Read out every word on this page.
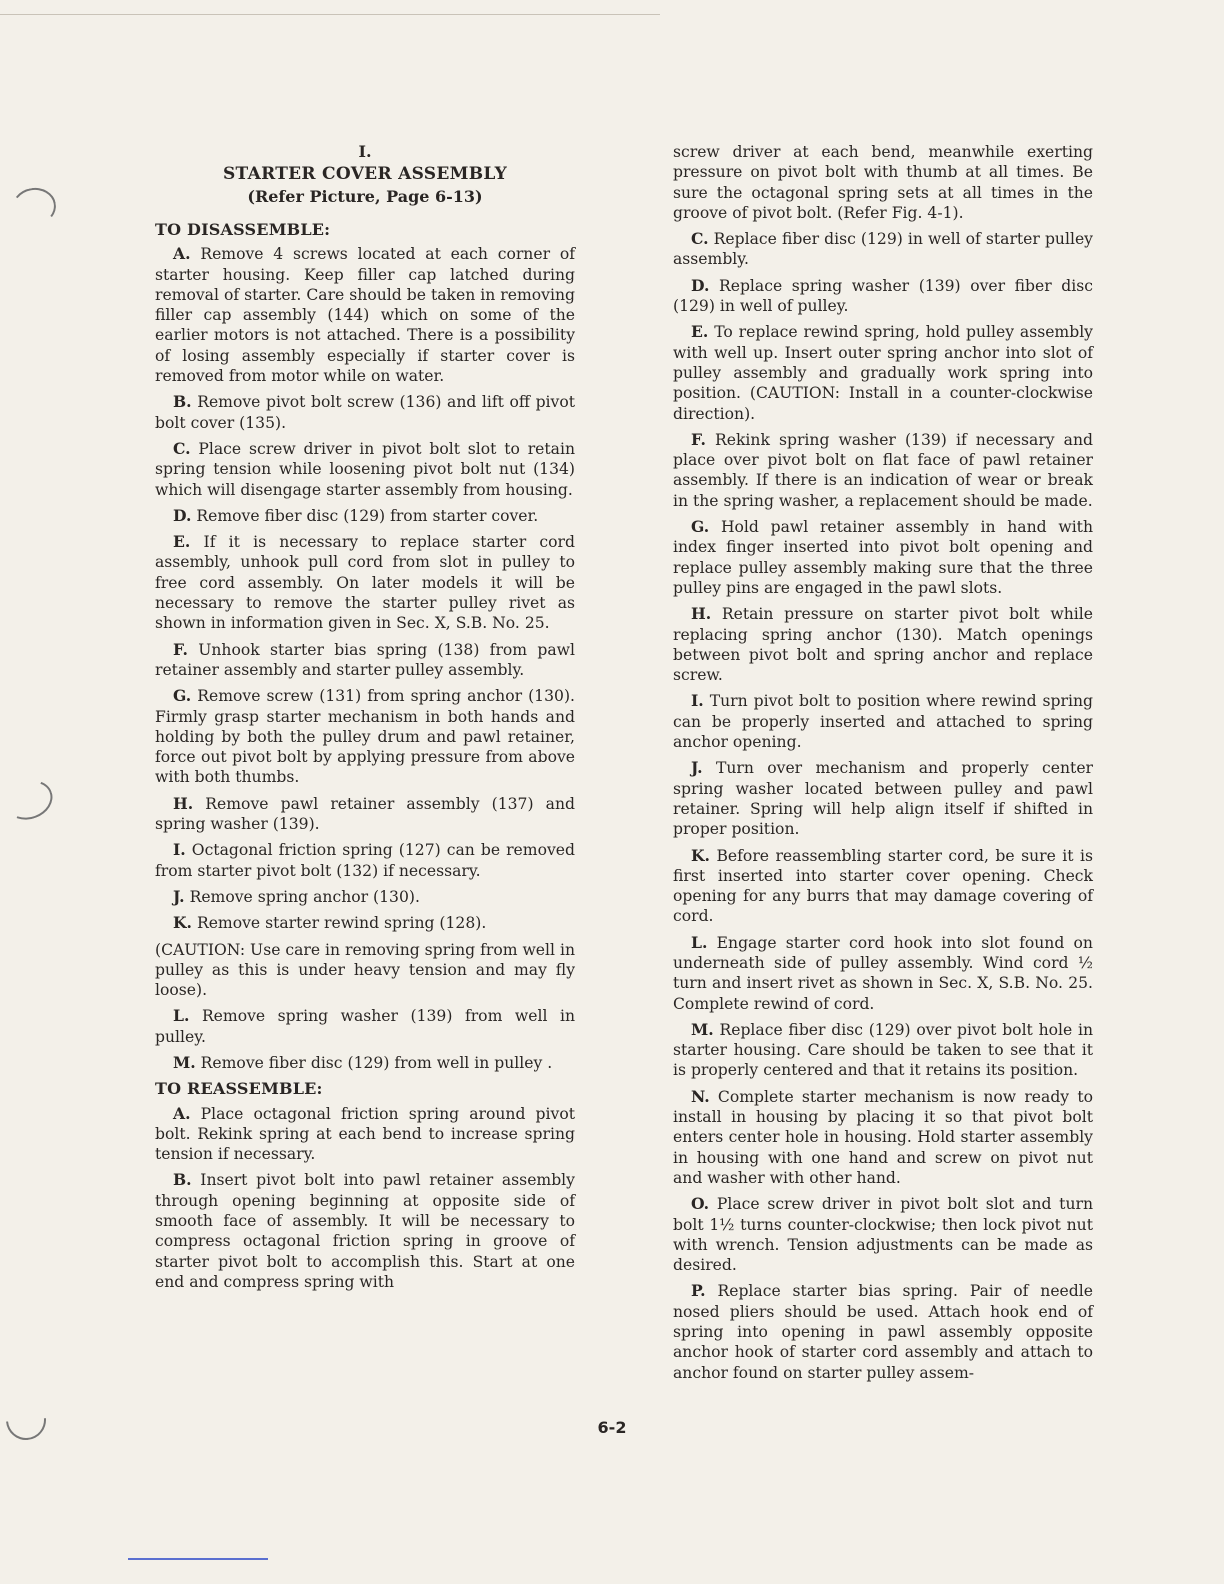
I.
STARTER COVER ASSEMBLY
(Refer Picture, Page 6-13)
TO DISASSEMBLE:

A. Remove 4 screws located at each corner of starter housing. Keep filler cap latched during removal of starter. Care should be taken in removing filler cap assembly (144) which on some of the earlier motors is not attached. There is a possibility of losing assembly especially if starter cover is removed from motor while on water.

B. Remove pivot bolt screw (136) and lift off pivot bolt cover (135).

C. Place screw driver in pivot bolt slot to retain spring tension while loosening pivot bolt nut (134) which will disengage starter assembly from housing.

D. Remove fiber disc (129) from starter cover.

E. If it is necessary to replace starter cord assembly, unhook pull cord from slot in pulley to free cord assembly. On later models it will be necessary to remove the starter pulley rivet as shown in information given in Sec. X, S.B. No. 25.

F. Unhook starter bias spring (138) from pawl retainer assembly and starter pulley assembly.

G. Remove screw (131) from spring anchor (130). Firmly grasp starter mechanism in both hands and holding by both the pulley drum and pawl retainer, force out pivot bolt by applying pressure from above with both thumbs.

H. Remove pawl retainer assembly (137) and spring washer (139).

I. Octagonal friction spring (127) can be removed from starter pivot bolt (132) if necessary.

J. Remove spring anchor (130).

K. Remove starter rewind spring (128).

(CAUTION: Use care in removing spring from well in pulley as this is under heavy tension and may fly loose).

L. Remove spring washer (139) from well in pulley.

M. Remove fiber disc (129) from well in pulley .

TO REASSEMBLE:

A. Place octagonal friction spring around pivot bolt. Rekink spring at each bend to increase spring tension if necessary.

B. Insert pivot bolt into pawl retainer assembly through opening beginning at opposite side of smooth face of assembly. It will be necessary to compress octagonal friction spring in groove of starter pivot bolt to accomplish this. Start at one end and compress spring with

screw driver at each bend, meanwhile exerting pressure on pivot bolt with thumb at all times. Be sure the octagonal spring sets at all times in the groove of pivot bolt. (Refer Fig. 4-1).

C. Replace fiber disc (129) in well of starter pulley assembly.

D. Replace spring washer (139) over fiber disc (129) in well of pulley.

E. To replace rewind spring, hold pulley assembly with well up. Insert outer spring anchor into slot of pulley assembly and gradually work spring into position. (CAUTION: Install in a counter-clockwise direction).

F. Rekink spring washer (139) if necessary and place over pivot bolt on flat face of pawl retainer assembly. If there is an indication of wear or break in the spring washer, a replacement should be made.

G. Hold pawl retainer assembly in hand with index finger inserted into pivot bolt opening and replace pulley assembly making sure that the three pulley pins are engaged in the pawl slots.

H. Retain pressure on starter pivot bolt while replacing spring anchor (130). Match openings between pivot bolt and spring anchor and replace screw.

I. Turn pivot bolt to position where rewind spring can be properly inserted and attached to spring anchor opening.

J. Turn over mechanism and properly center spring washer located between pulley and pawl retainer. Spring will help align itself if shifted in proper position.

K. Before reassembling starter cord, be sure it is first inserted into starter cover opening. Check opening for any burrs that may damage covering of cord.

L. Engage starter cord hook into slot found on underneath side of pulley assembly. Wind cord ½ turn and insert rivet as shown in Sec. X, S.B. No. 25. Complete rewind of cord.

M. Replace fiber disc (129) over pivot bolt hole in starter housing. Care should be taken to see that it is properly centered and that it retains its position.

N. Complete starter mechanism is now ready to install in housing by placing it so that pivot bolt enters center hole in housing. Hold starter assembly in housing with one hand and screw on pivot nut and washer with other hand.

O. Place screw driver in pivot bolt slot and turn bolt 1½ turns counter-clockwise; then lock pivot nut with wrench. Tension adjustments can be made as desired.

P. Replace starter bias spring. Pair of needle nosed pliers should be used. Attach hook end of spring into opening in pawl assembly opposite anchor hook of starter cord assembly and attach to anchor found on starter pulley assem-

6-2
